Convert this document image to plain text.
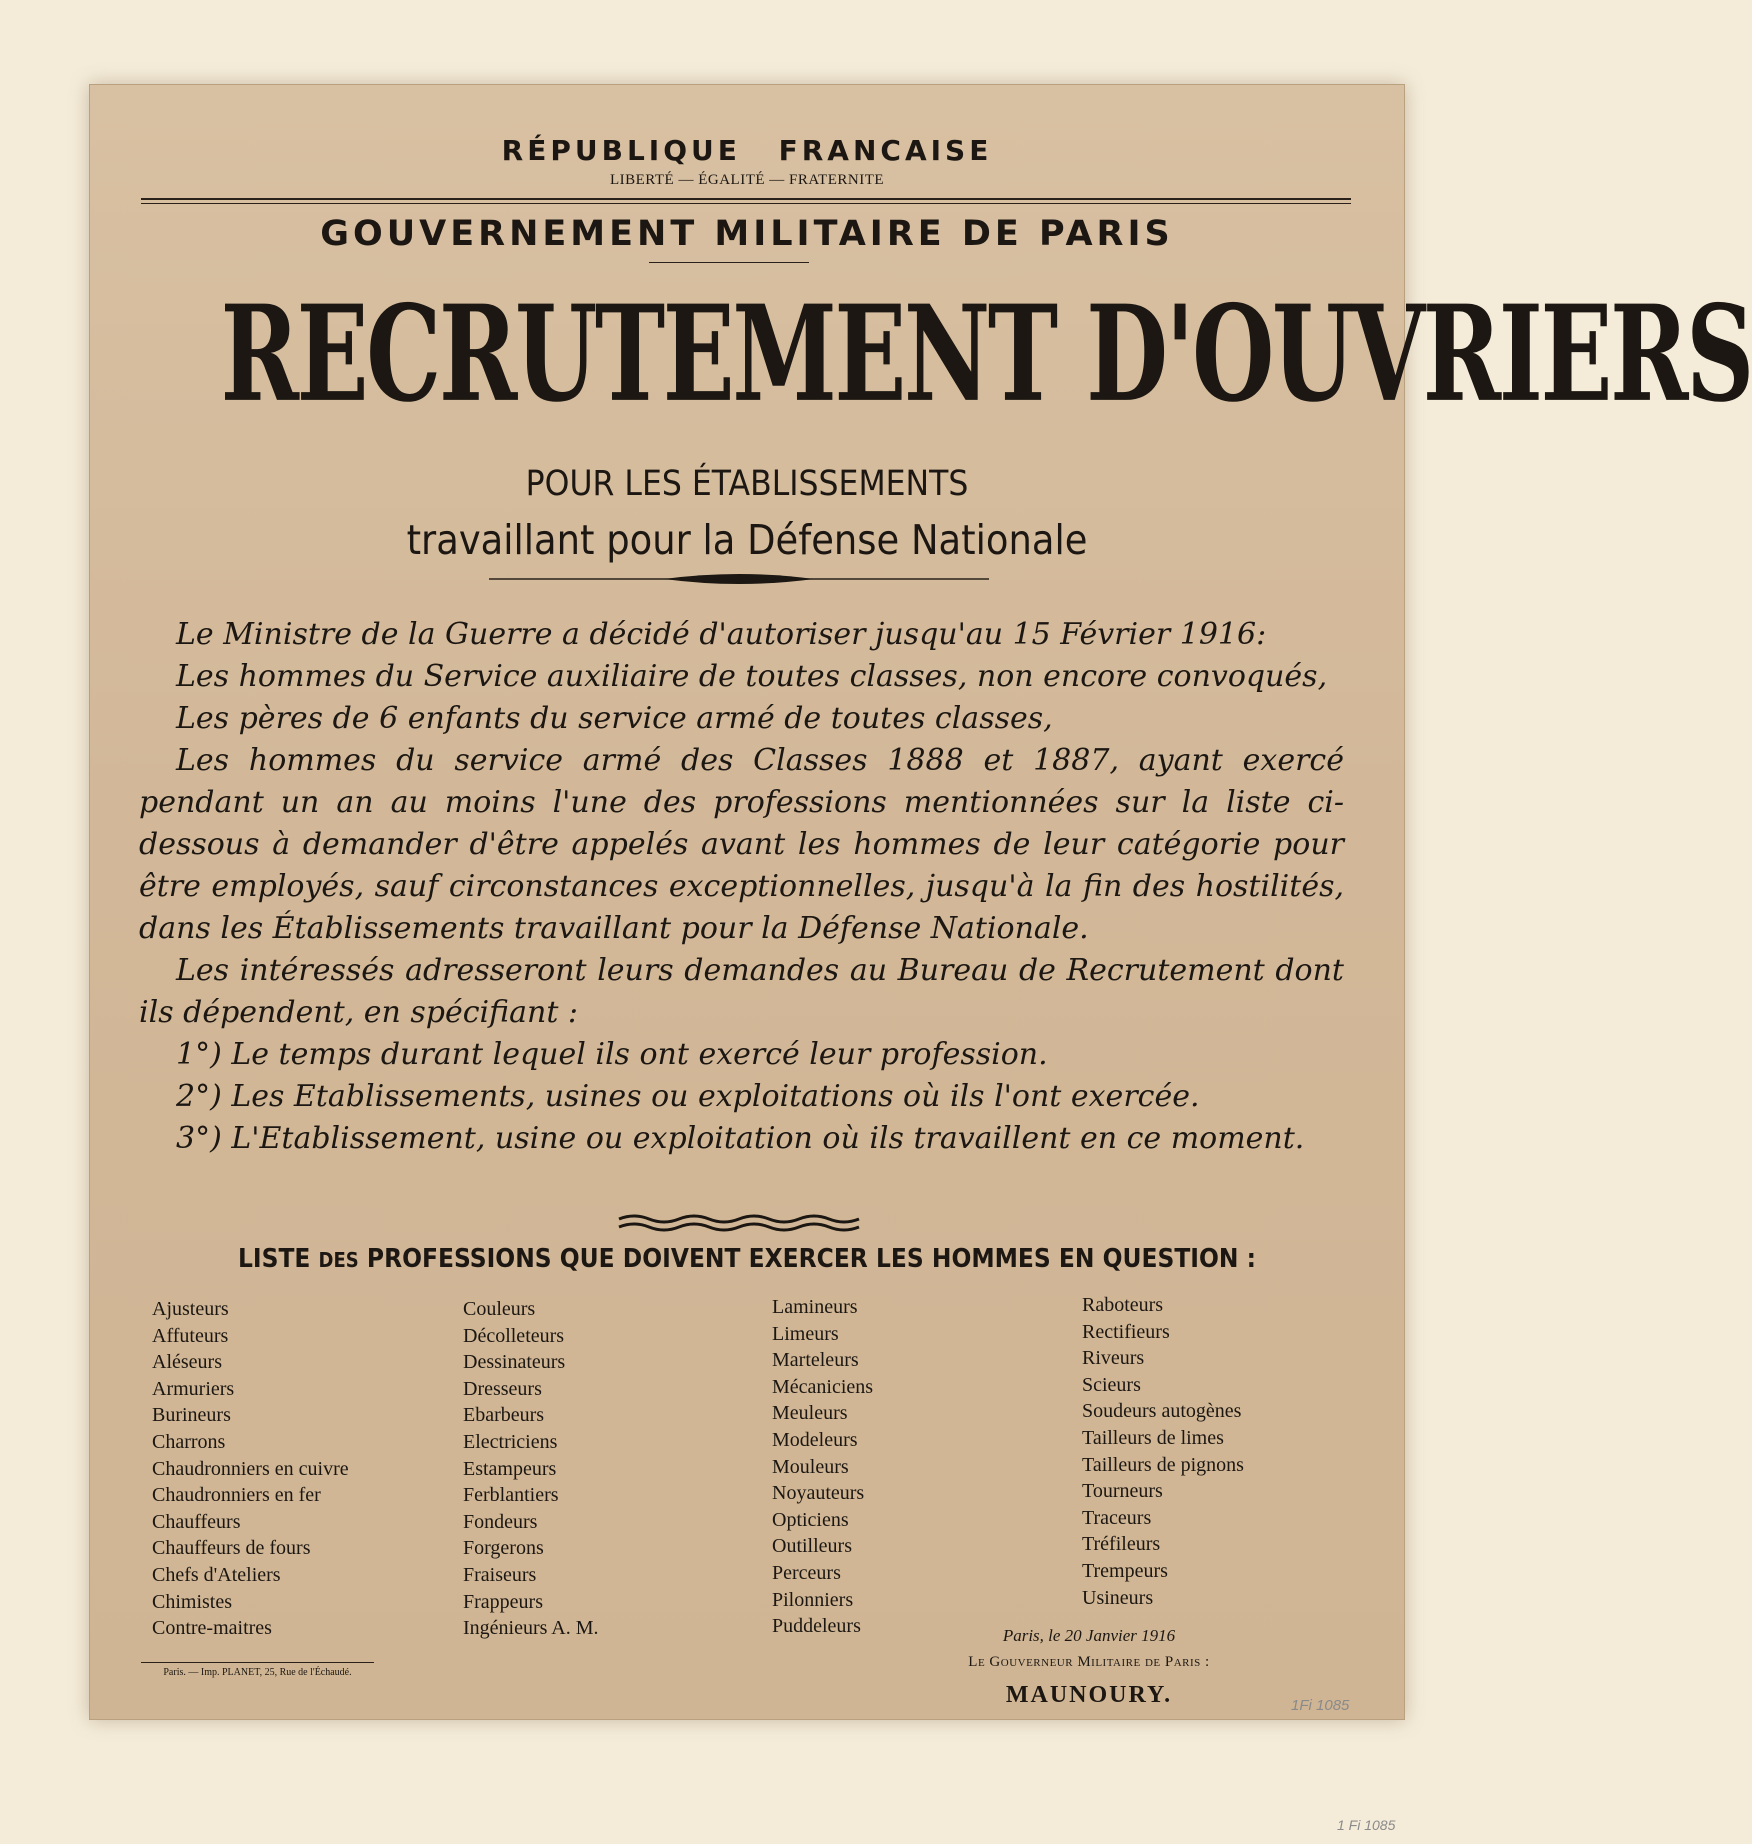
RÉPUBLIQUE FRANCAISE
LIBERTÉ — ÉGALITÉ — FRATERNITE
GOUVERNEMENT MILITAIRE DE PARIS
RECRUTEMENT D'OUVRIERS
POUR LES ÉTABLISSEMENTS
travaillant pour la Défense Nationale

Le Ministre de la Guerre a décidé d'autoriser jusqu'au 15 Février 1916:

Les hommes du Service auxiliaire de toutes classes, non encore convoqués,

Les pères de 6 enfants du service armé de toutes classes,

Les hommes du service armé des Classes 1888 et 1887, ayant exercé pendant un an au moins l'une des professions mentionnées sur la liste ci-dessous à demander d'être appelés avant les hommes de leur catégorie pour être employés, sauf circonstances exceptionnelles, jusqu'à la fin des hostilités, dans les Établissements travaillant pour la Défense Nationale.

Les intéressés adresseront leurs demandes au Bureau de Recrutement dont ils dépendent, en spécifiant :

1°) Le temps durant lequel ils ont exercé leur profession.

2°) Les Etablissements, usines ou exploitations où ils l'ont exercée.

3°) L'Etablissement, usine ou exploitation où ils travaillent en ce moment.

LISTE DES PROFESSIONS QUE DOIVENT EXERCER LES HOMMES EN QUESTION :
Ajusteurs
Affuteurs
Aléseurs
Armuriers
Burineurs
Charrons
Chaudronniers en cuivre
Chaudronniers en fer
Chauffeurs
Chauffeurs de fours
Chefs d'Ateliers
Chimistes
Contre-maitres
Couleurs
Décolleteurs
Dessinateurs
Dresseurs
Ebarbeurs
Electriciens
Estampeurs
Ferblantiers
Fondeurs
Forgerons
Fraiseurs
Frappeurs
Ingénieurs A. M.
Lamineurs
Limeurs
Marteleurs
Mécaniciens
Meuleurs
Modeleurs
Mouleurs
Noyauteurs
Opticiens
Outilleurs
Perceurs
Pilonniers
Puddeleurs
Raboteurs
Rectifieurs
Riveurs
Scieurs
Soudeurs autogènes
Tailleurs de limes
Tailleurs de pignons
Tourneurs
Traceurs
Tréfileurs
Trempeurs
Usineurs
Paris. — Imp. PLANET, 25, Rue de l'Échaudé.
Paris, le 20 Janvier 1916
Le Gouverneur Militaire de Paris :
MAUNOURY.	1Fi 1085
1 Fi 1085
